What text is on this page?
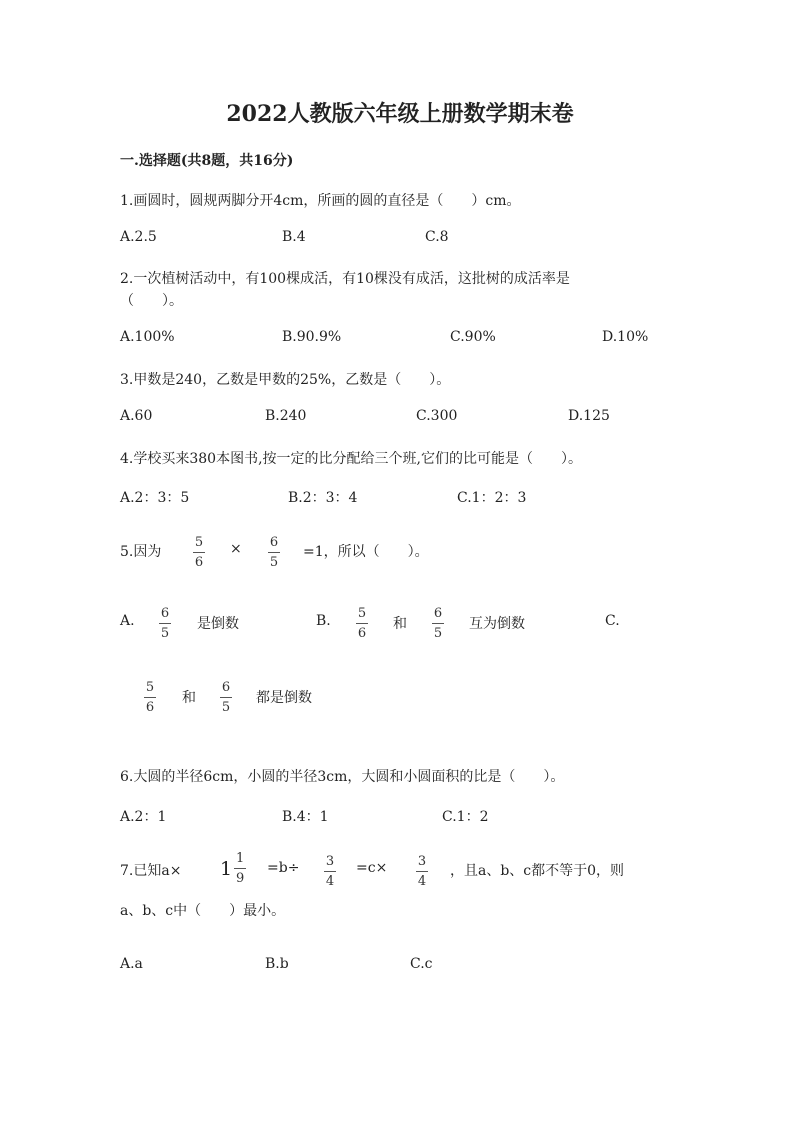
2022人教版六年级上册数学期末卷
一.选择题(共8题，共16分)
1.画圆时，圆规两脚分开4cm，所画的圆的直径是（　　）cm。
A.2.5	B.4	C.8
2.一次植树活动中，有100棵成活，有10棵没有成活，这批树的成活率是
（　　）。
A.100%	B.90.9%	C.90%	D.10%
3.甲数是240，乙数是甲数的25%，乙数是（　　）。
A.60	B.240	C.300	D.125
4.学校买来380本图书,按一定的比分配给三个班,它们的比可能是（　　）。
A.2：3：5	B.2：3：4	C.1：2：3
5.因为
5
6
× 6
5
=1，所以（　　）。
A. 6
5
是倒数	B. 5
6
和
6
5
互为倒数	C.
5
6
和
6
5
都是倒数
6.大圆的半径6cm，小圆的半径3cm，大圆和小圆面积的比是（　　）。
A.2：1	B.4：1	C.1：2
7.已知$a\times 1 \frac{1}{9} =b\div 3$
4
=c× 3
4
，且a、b、c都不等于0，则
a、b、c中（　　）最小。
A.a	B.b	C.c
